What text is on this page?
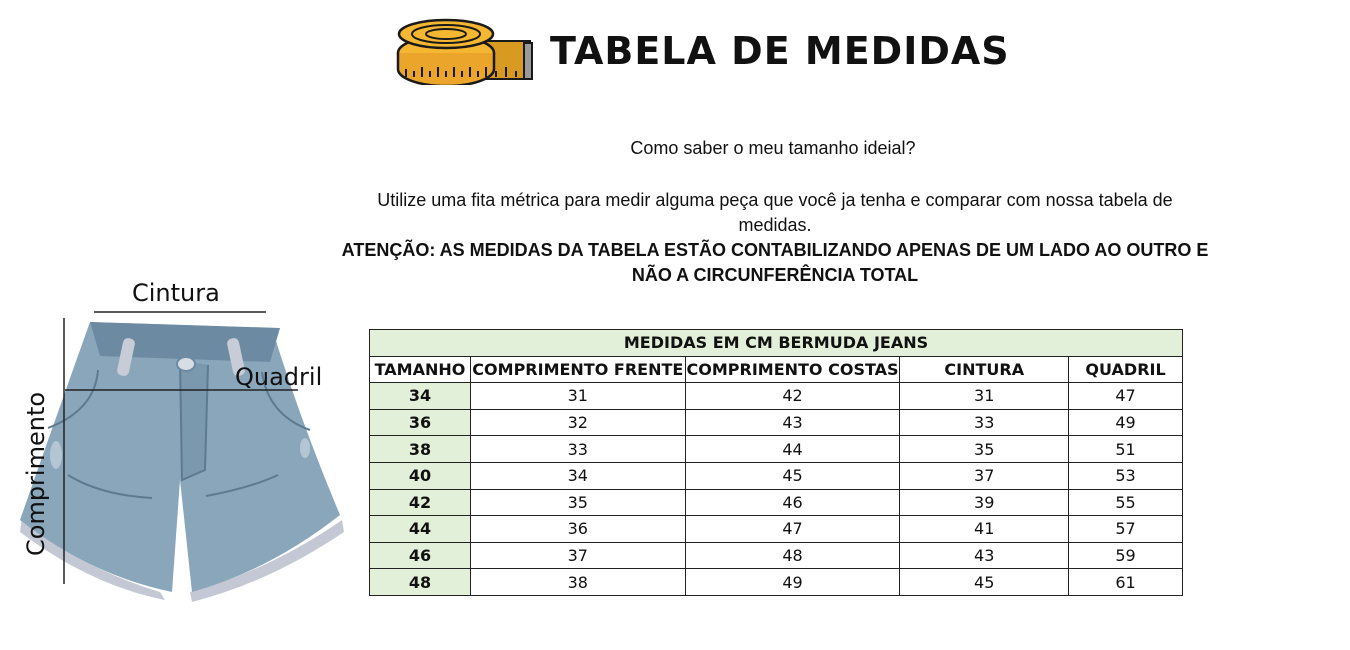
TABELA DE MEDIDAS
Como saber o meu tamanho ideial?
Utilize uma fita métrica para medir alguma peça que você ja tenha e comparar com nossa tabela de medidas.
ATENÇÃO: AS MEDIDAS DA TABELA ESTÃO CONTABILIZANDO APENAS DE UM LADO AO OUTRO E NÃO A CIRCUNFERÊNCIA TOTAL
Cintura
Quadril
Comprimento
MEDIDAS EM CM BERMUDA JEANS				
TAMANHO	COMPRIMENTO FRENTE	COMPRIMENTO COSTAS	CINTURA	QUADRIL
34	31	42	31	47
36	32	43	33	49
38	33	44	35	51
40	34	45	37	53
42	35	46	39	55
44	36	47	41	57
46	37	48	43	59
48	38	49	45	61
